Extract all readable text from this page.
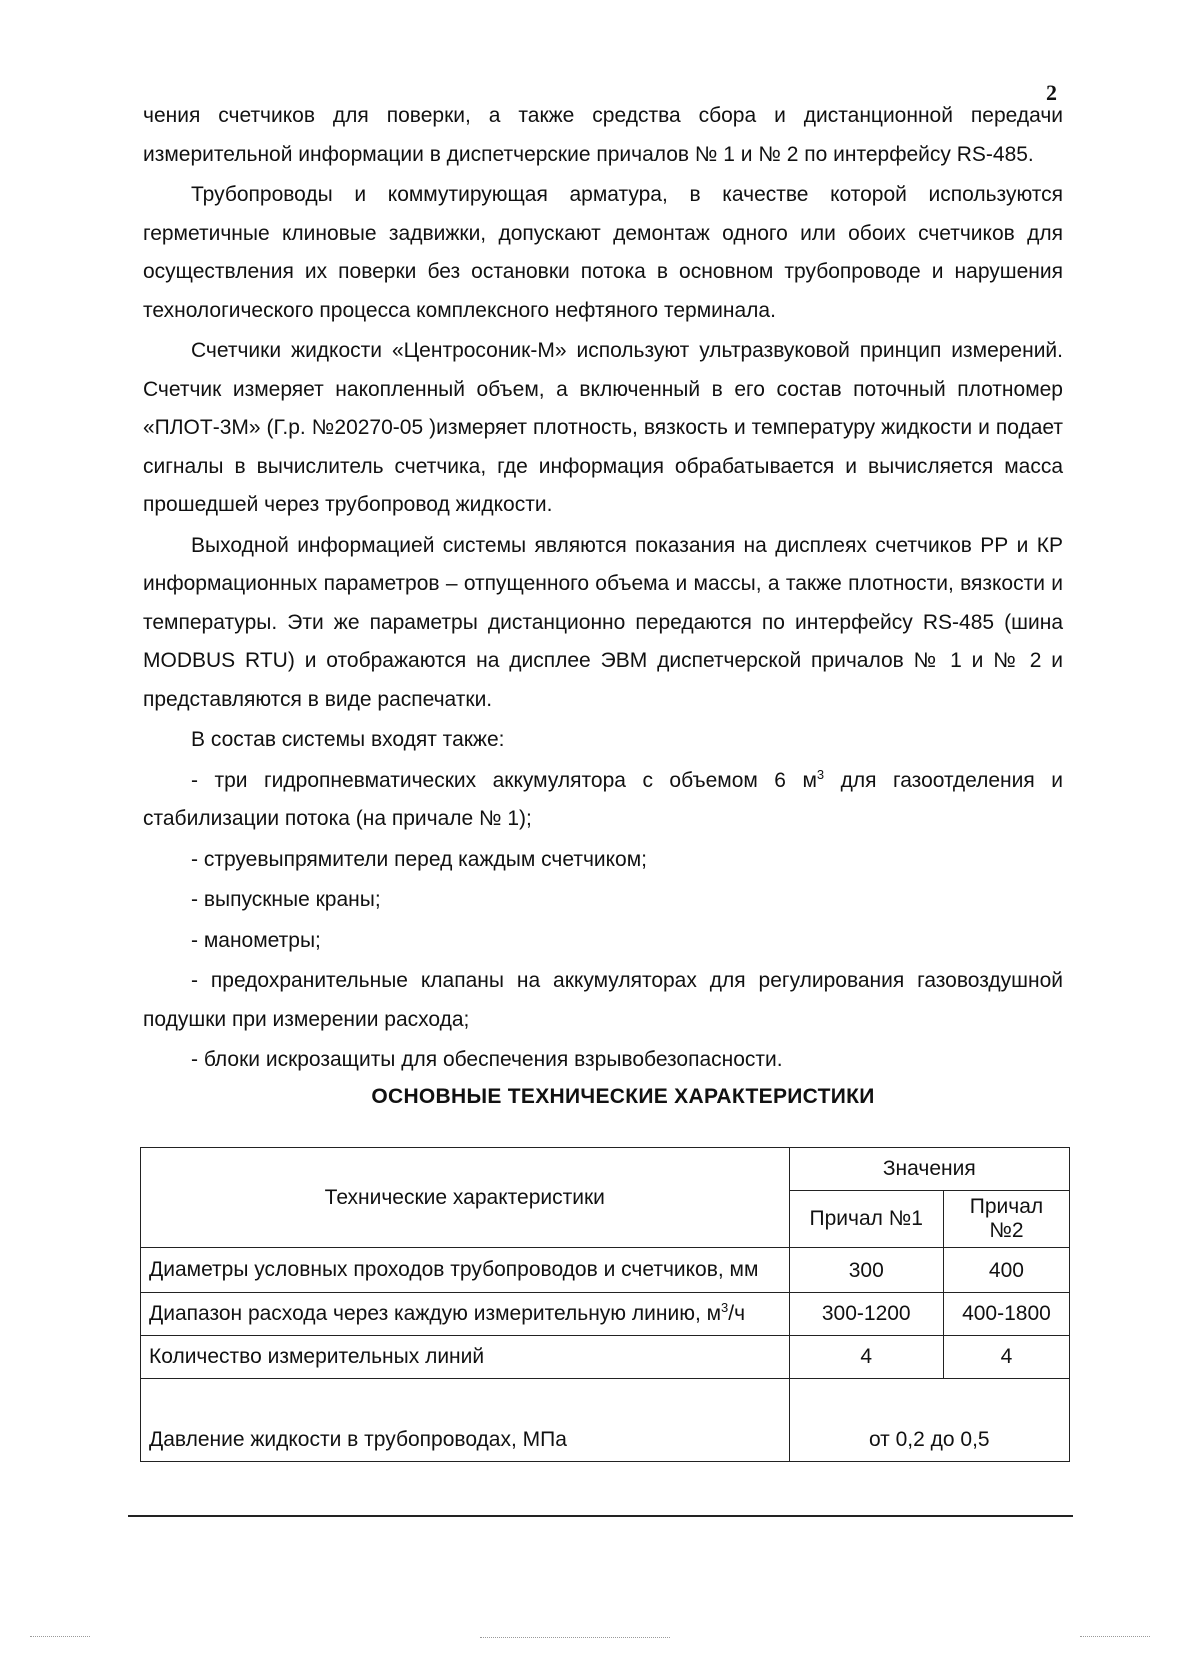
2

чения счетчиков для поверки, а также средства сбора и дистанционной передачи измерительной информации в диспетчерские причалов № 1 и № 2 по интерфейсу RS-485.

Трубопроводы и коммутирующая арматура, в качестве которой используются герметичные клиновые задвижки, допускают демонтаж одного или обоих счетчиков для осуществления их поверки без остановки потока в основном трубопроводе и нарушения технологического процесса комплексного нефтяного терминала.

Счетчики жидкости «Центросоник-М» используют ультразвуковой принцип измерений. Счетчик измеряет накопленный объем, а включенный в его состав поточный плотномер «ПЛОТ-3М» (Г.р. №20270-05 )измеряет плотность, вязкость и температуру жидкости и подает сигналы в вычислитель счетчика, где информация обрабатывается и вычисляется масса прошедшей через трубопровод жидкости.

Выходной информацией системы являются показания на дисплеях счетчиков РР и КР информационных параметров – отпущенного объема и массы, а также плотности, вязкости и температуры. Эти же параметры дистанционно передаются по интерфейсу RS-485 (шина MODBUS RTU) и отображаются на дисплее ЭВМ диспетчерской причалов № 1 и № 2 и представляются в виде распечатки.

В состав системы входят также:

- три гидропневматических аккумулятора с объемом 6 $м^3$ для газоотделения и стабилизации потока (на причале № 1);

- струевыпрямители перед каждым счетчиком;

- выпускные краны;

- манометры;

- предохранительные клапаны на аккумуляторах для регулирования газовоздушной подушки при измерении расхода;

- блоки искрозащиты для обеспечения взрывобезопасности.

ОСНОВНЫЕ ТЕХНИЧЕСКИЕ ХАРАКТЕРИСТИКИ
Технические характеристики	Значения	
	Причал №1	Причал №2
Диаметры условных проходов трубопроводов и счетчиков, мм	300	400
Диапазон расхода через каждую измерительную линию, $м^3/ч$	300-1200	400-1800
Количество измерительных линий	4	4
Давление жидкости в трубопроводах, МПа	от 0,2 до 0,5	
